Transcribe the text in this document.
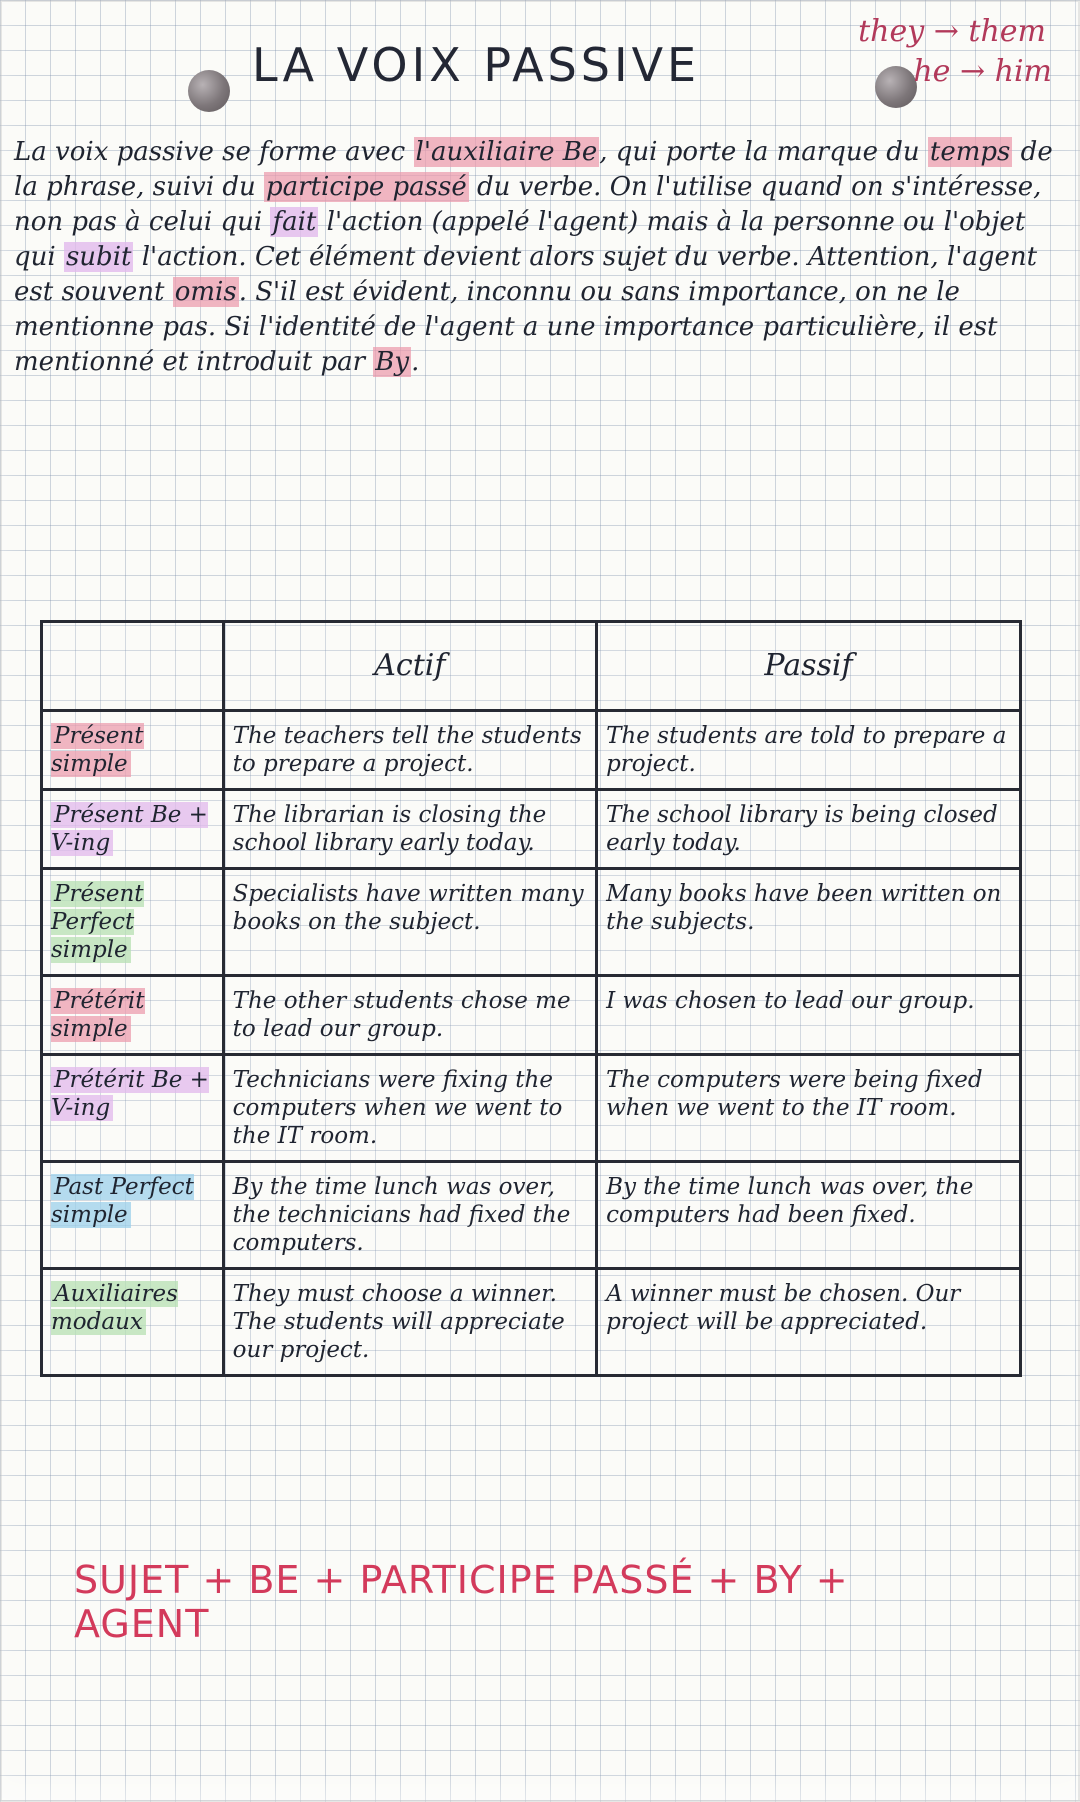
LA VOIX PASSIVE
they → them
he → him
La voix passive se forme avec l'auxiliaire Be, qui porte la marque du temps de la phrase, suivi du participe passé du verbe. On l'utilise quand on s'intéresse, non pas à celui qui fait l'action (appelé l'agent) mais à la personne ou l'objet qui subit l'action. Cet élément devient alors sujet du verbe. Attention, l'agent est souvent omis. S'il est évident, inconnu ou sans importance, on ne le mentionne pas. Si l'identité de l'agent a une importance particulière, il est mentionné et introduit par By.
	Actif	Passif
Présent simple	The teachers tell the students to prepare a project.	The students are told to prepare a project.
Présent Be + V-ing	The librarian is closing the school library early today.	The school library is being closed early today.
Présent Perfect simple	Specialists have written many books on the subject.	Many books have been written on the subjects.
Prétérit simple	The other students chose me to lead our group.	I was chosen to lead our group.
Prétérit Be + V-ing	Technicians were fixing the computers when we went to the IT room.	The computers were being fixed when we went to the IT room.
Past Perfect simple	By the time lunch was over, the technicians had fixed the computers.	By the time lunch was over, the computers had been fixed.
Auxiliaires modaux	They must choose a winner. The students will appreciate our project.	A winner must be chosen. Our project will be appreciated.
SUJET + BE + PARTICIPE PASSÉ + BY + AGENT
